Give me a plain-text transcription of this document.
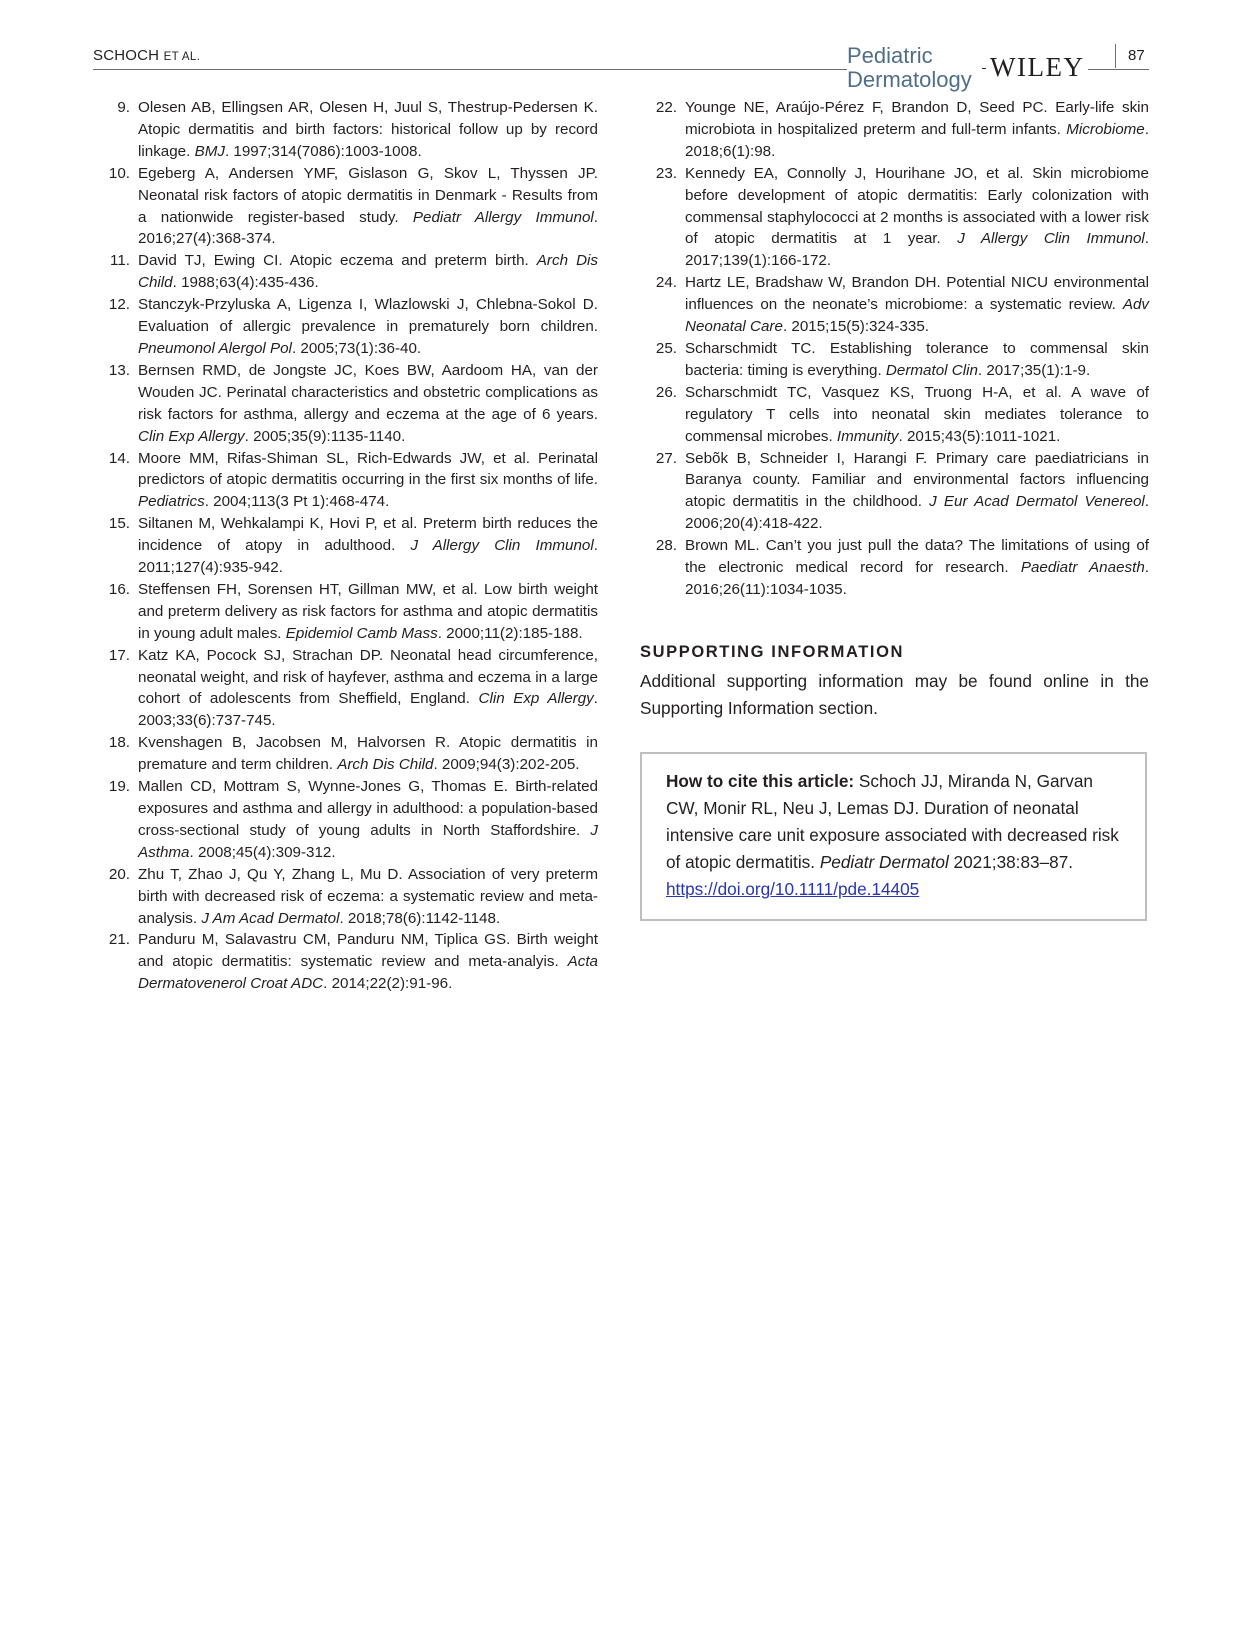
SCHOCH ET AL.	Pediatric
Dermatology WILEY	87
9. Olesen AB, Ellingsen AR, Olesen H, Juul S, Thestrup-Pedersen K. Atopic dermatitis and birth factors: historical follow up by record linkage. BMJ. 1997;314(7086):1003-1008.
10. Egeberg A, Andersen YMF, Gislason G, Skov L, Thyssen JP. Neonatal risk factors of atopic dermatitis in Denmark - Results from a nationwide register-based study. Pediatr Allergy Immunol. 2016;27(4):368-374.
11. David TJ, Ewing CI. Atopic eczema and preterm birth. Arch Dis Child. 1988;63(4):435-436.
12. Stanczyk-Przyluska A, Ligenza I, Wlazlowski J, Chlebna-Sokol D. Evaluation of allergic prevalence in prematurely born children. Pneumonol Alergol Pol. 2005;73(1):36-40.
13. Bernsen RMD, de Jongste JC, Koes BW, Aardoom HA, van der Wouden JC. Perinatal characteristics and obstetric complications as risk factors for asthma, allergy and eczema at the age of 6 years. Clin Exp Allergy. 2005;35(9):1135-1140.
14. Moore MM, Rifas-Shiman SL, Rich-Edwards JW, et al. Perinatal predictors of atopic dermatitis occurring in the first six months of life. Pediatrics. 2004;113(3 Pt 1):468-474.
15. Siltanen M, Wehkalampi K, Hovi P, et al. Preterm birth reduces the incidence of atopy in adulthood. J Allergy Clin Immunol. 2011;127(4):935-942.
16. Steffensen FH, Sorensen HT, Gillman MW, et al. Low birth weight and preterm delivery as risk factors for asthma and atopic dermatitis in young adult males. Epidemiol Camb Mass. 2000;11(2):185-188.
17. Katz KA, Pocock SJ, Strachan DP. Neonatal head circumference, neonatal weight, and risk of hayfever, asthma and eczema in a large cohort of adolescents from Sheffield, England. Clin Exp Allergy. 2003;33(6):737-745.
18. Kvenshagen B, Jacobsen M, Halvorsen R. Atopic dermatitis in premature and term children. Arch Dis Child. 2009;94(3):202-205.
19. Mallen CD, Mottram S, Wynne-Jones G, Thomas E. Birth-related exposures and asthma and allergy in adulthood: a population-based cross-sectional study of young adults in North Staffordshire. J Asthma. 2008;45(4):309-312.
20. Zhu T, Zhao J, Qu Y, Zhang L, Mu D. Association of very preterm birth with decreased risk of eczema: a systematic review and meta-analysis. J Am Acad Dermatol. 2018;78(6):1142-1148.
21. Panduru M, Salavastru CM, Panduru NM, Tiplica GS. Birth weight and atopic dermatitis: systematic review and meta-analyis. Acta Dermatovenerol Croat ADC. 2014;22(2):91-96.
22. Younge NE, Araújo-Pérez F, Brandon D, Seed PC. Early-life skin microbiota in hospitalized preterm and full-term infants. Microbiome. 2018;6(1):98.
23. Kennedy EA, Connolly J, Hourihane JO, et al. Skin microbiome before development of atopic dermatitis: Early colonization with commensal staphylococci at 2 months is associated with a lower risk of atopic dermatitis at 1 year. J Allergy Clin Immunol. 2017;139(1):166-172.
24. Hartz LE, Bradshaw W, Brandon DH. Potential NICU environmental influences on the neonate’s microbiome: a systematic review. Adv Neonatal Care. 2015;15(5):324-335.
25. Scharschmidt TC. Establishing tolerance to commensal skin bacteria: timing is everything. Dermatol Clin. 2017;35(1):1-9.
26. Scharschmidt TC, Vasquez KS, Truong H-A, et al. A wave of regulatory T cells into neonatal skin mediates tolerance to commensal microbes. Immunity. 2015;43(5):1011-1021.
27. Sebõk B, Schneider I, Harangi F. Primary care paediatricians in Baranya county. Familiar and environmental factors influencing atopic dermatitis in the childhood. J Eur Acad Dermatol Venereol. 2006;20(4):418-422.
28. Brown ML. Can’t you just pull the data? The limitations of using of the electronic medical record for research. Paediatr Anaesth. 2016;26(11):1034-1035.
SUPPORTING INFORMATION
Additional supporting information may be found online in the Supporting Information section.
How to cite this article: Schoch JJ, Miranda N, Garvan CW, Monir RL, Neu J, Lemas DJ. Duration of neonatal intensive care unit exposure associated with decreased risk of atopic dermatitis. Pediatr Dermatol 2021;38:83–87. https://doi.org/10.1111/pde.14405
